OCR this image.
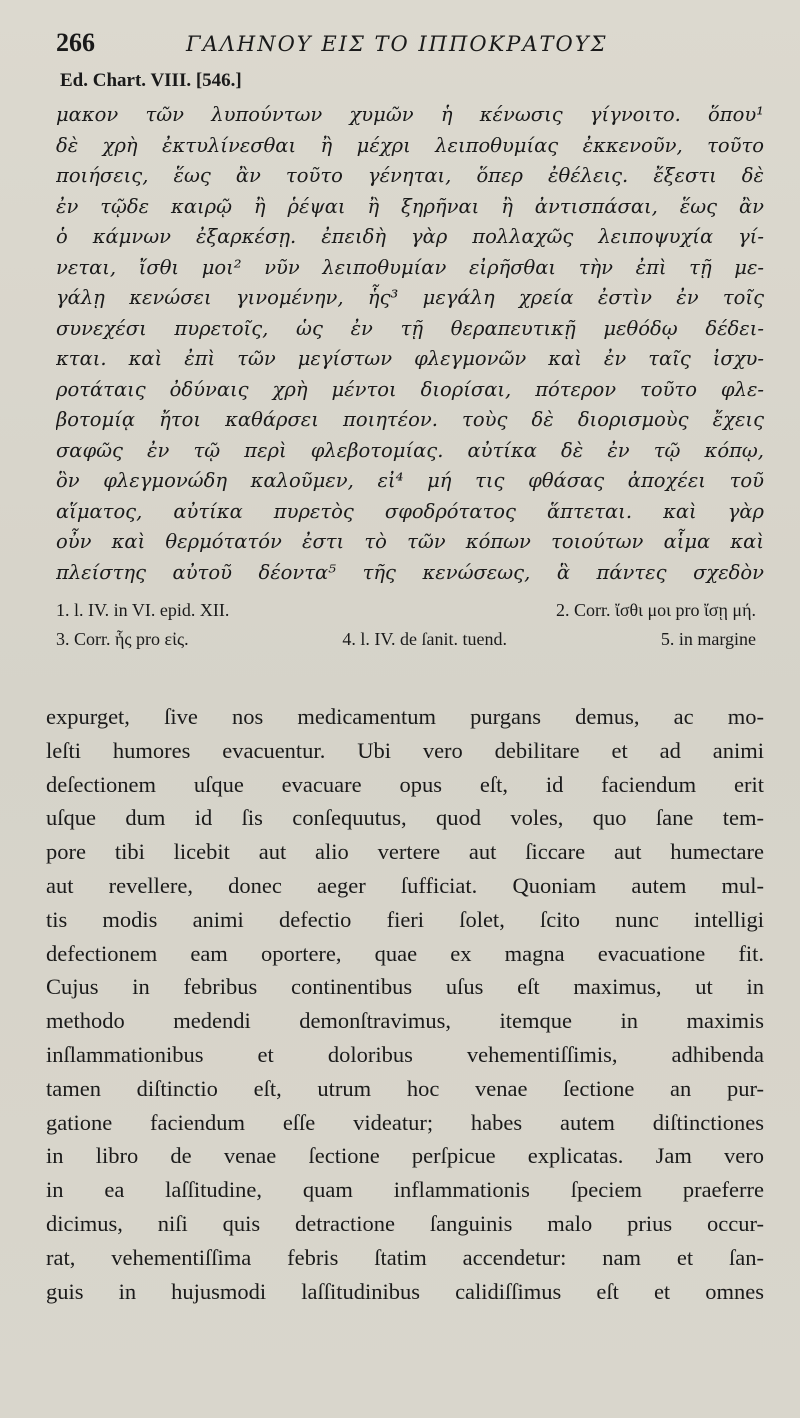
266	ΓΑΛΗΝΟΥ ΕΙΣ ΤΟ ΙΠΠΟΚΡΑΤΟΥΣ
Ed. Chart. VIII. [546.]
μακον τῶν λυπούντων χυμῶν ἡ κένωσις γίγνοιτο. ὅπου¹
δὲ χρὴ ἐκτυλίνεσθαι ἢ μέχρι λειποθυμίας ἐκκενοῦν, τοῦτο
ποιήσεις, ἕως ἂν τοῦτο γένηται, ὅπερ ἐθέλεις. ἔξεστι δὲ
ἐν τῷδε καιρῷ ἢ ῥέψαι ἢ ξηρῆναι ἢ ἀντισπάσαι, ἕως ἂν
ὁ κάμνων ἐξαρκέσῃ. ἐπειδὴ γὰρ πολλαχῶς λειποψυχία γί-
νεται, ἴσθι μοι² νῦν λειποθυμίαν εἰρῆσθαι τὴν ἐπὶ τῇ με-
γάλῃ κενώσει γινομένην, ἧς³ μεγάλη χρεία ἐστὶν ἐν τοῖς
συνεχέσι πυρετοῖς, ὡς ἐν τῇ θεραπευτικῇ μεθόδῳ δέδει-
κται. καὶ ἐπὶ τῶν μεγίστων φλεγμονῶν καὶ ἐν ταῖς ἰσχυ-
ροτάταις ὀδύναις χρὴ μέντοι διορίσαι, πότερον τοῦτο φλε-
βοτομίᾳ ἤτοι καθάρσει ποιητέον. τοὺς δὲ διορισμοὺς ἔχεις
σαφῶς ἐν τῷ περὶ φλεβοτομίας. αὐτίκα δὲ ἐν τῷ κόπῳ,
ὃν φλεγμονώδη καλοῦμεν, εἰ⁴ μή τις φθάσας ἀποχέει τοῦ
αἵματος, αὐτίκα πυρετὸς σφοδρότατος ἅπτεται. καὶ γὰρ
οὖν καὶ θερμότατόν ἐστι τὸ τῶν κόπων τοιούτων αἷμα καὶ
πλείστης αὐτοῦ δέοντα⁵ τῆς κενώσεως, ἃ πάντες σχεδὸν
1. l. IV. in VI. epid. XII.	2. Corr. ἴσθι μοι pro ἴσῃ μή.
3. Corr. ἧς pro εἰς.	4. l. IV. de ſanit. tuend.	5. in margine
expurget, ſive nos medicamentum purgans demus, ac mo-
leſti humores evacuentur. Ubi vero debilitare et ad animi
deſectionem uſque evacuare opus eſt, id faciendum erit
uſque dum id ſis conſequutus, quod voles, quo ſane tem-
pore tibi licebit aut alio vertere aut ſiccare aut humectare
aut revellere, donec aeger ſufficiat. Quoniam autem mul-
tis modis animi defectio fieri ſolet, ſcito nunc intelligi
defectionem eam oportere, quae ex magna evacuatione fit.
Cujus in febribus continentibus uſus eſt maximus, ut in
methodo medendi demonſtravimus, itemque in maximis
inſlammationibus et doloribus vehementiſſimis, adhibenda
tamen diſtinctio eſt, utrum hoc venae ſectione an pur-
gatione faciendum eſſe videatur; habes autem diſtinctiones
in libro de venae ſectione perſpicue explicatas. Jam vero
in ea laſſitudine, quam inflammationis ſpeciem praeferre
dicimus, niſi quis detractione ſanguinis malo prius occur-
rat, vehementiſſima febris ſtatim accendetur: nam et ſan-
guis in hujusmodi laſſitudinibus calidiſſimus eſt et omnes
